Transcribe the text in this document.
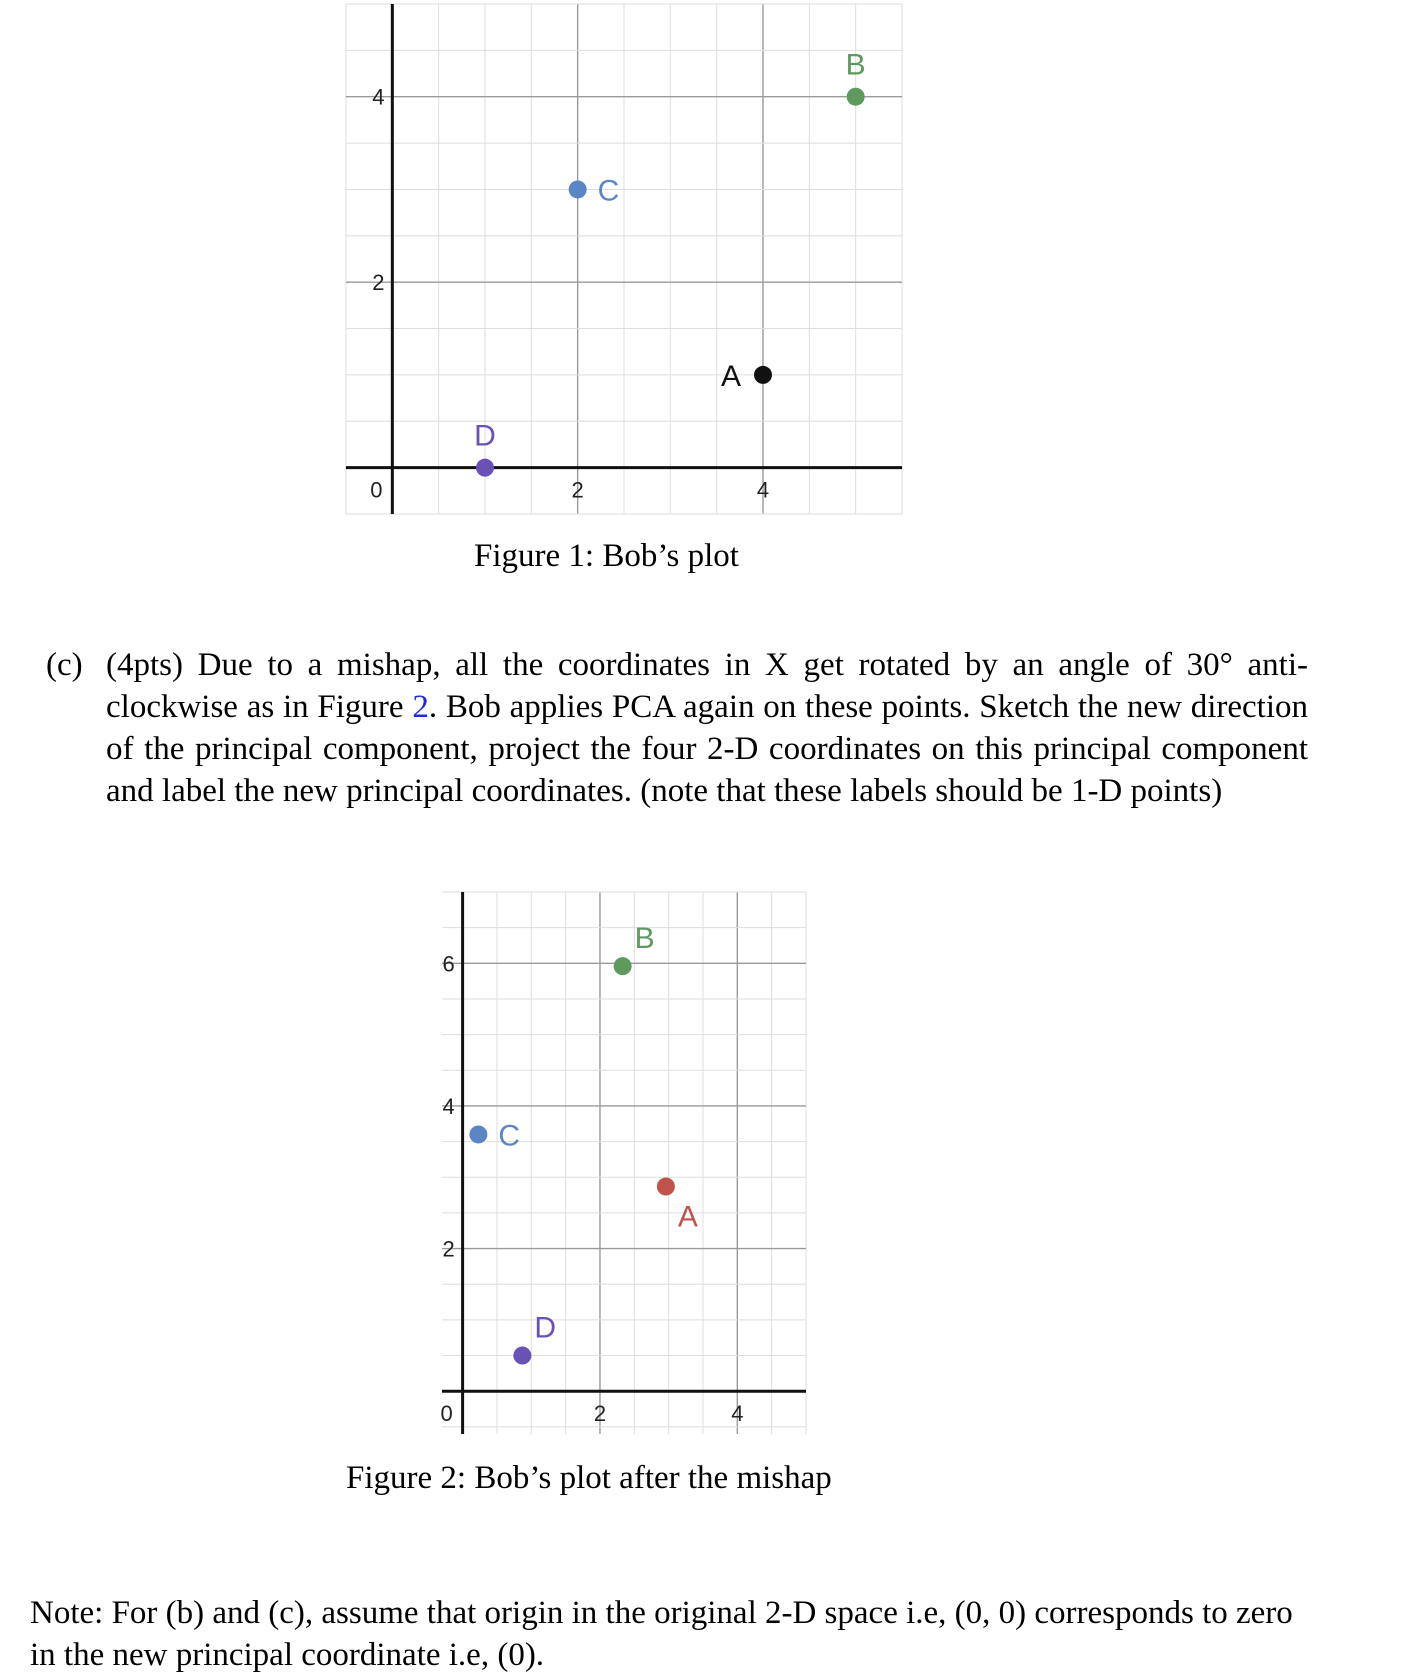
0	2	4
2
4
A
B
C
D
Figure 1: Bob’s plot
(c) (4pts) Due to a mishap, all the coordinates in X get rotated by an angle of 30° anti-clockwise as in Figure 2. Bob applies PCA again on these points. Sketch the new direction of the principal component, project the four 2-D coordinates on this principal component and label the new principal coordinates. (note that these labels should be 1-D points)
0	2	4
2
4
6
A
B
C
D
Figure 2: Bob’s plot after the mishap
Note: For (b) and (c), assume that origin in the original 2-D space i.e, (0, 0) corresponds to zero in the new principal coordinate i.e, (0).
